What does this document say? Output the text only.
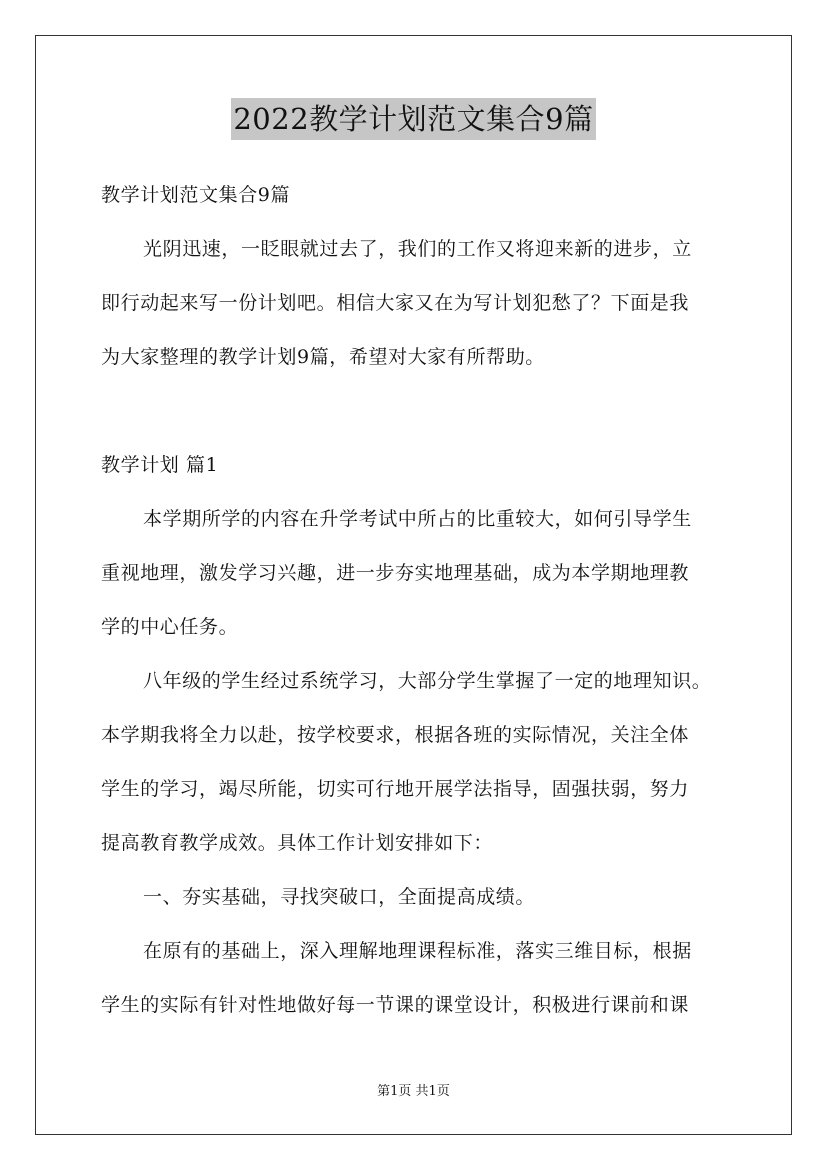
2022教学计划范文集合9篇
教学计划范文集合9篇
光阴迅速，一眨眼就过去了，我们的工作又将迎来新的进步，立
即行动起来写一份计划吧。相信大家又在为写计划犯愁了？下面是我
为大家整理的教学计划9篇，希望对大家有所帮助。
教学计划 篇1
本学期所学的内容在升学考试中所占的比重较大，如何引导学生
重视地理，激发学习兴趣，进一步夯实地理基础，成为本学期地理教
学的中心任务。
八年级的学生经过系统学习，大部分学生掌握了一定的地理知识。
本学期我将全力以赴，按学校要求，根据各班的实际情况，关注全体
学生的学习，竭尽所能，切实可行地开展学法指导，固强扶弱，努力
提高教育教学成效。具体工作计划安排如下：
一、夯实基础，寻找突破口，全面提高成绩。
在原有的基础上，深入理解地理课程标准，落实三维目标，根据
学生的实际有针对性地做好每一节课的课堂设计，积极进行课前和课
第1页 共1页
